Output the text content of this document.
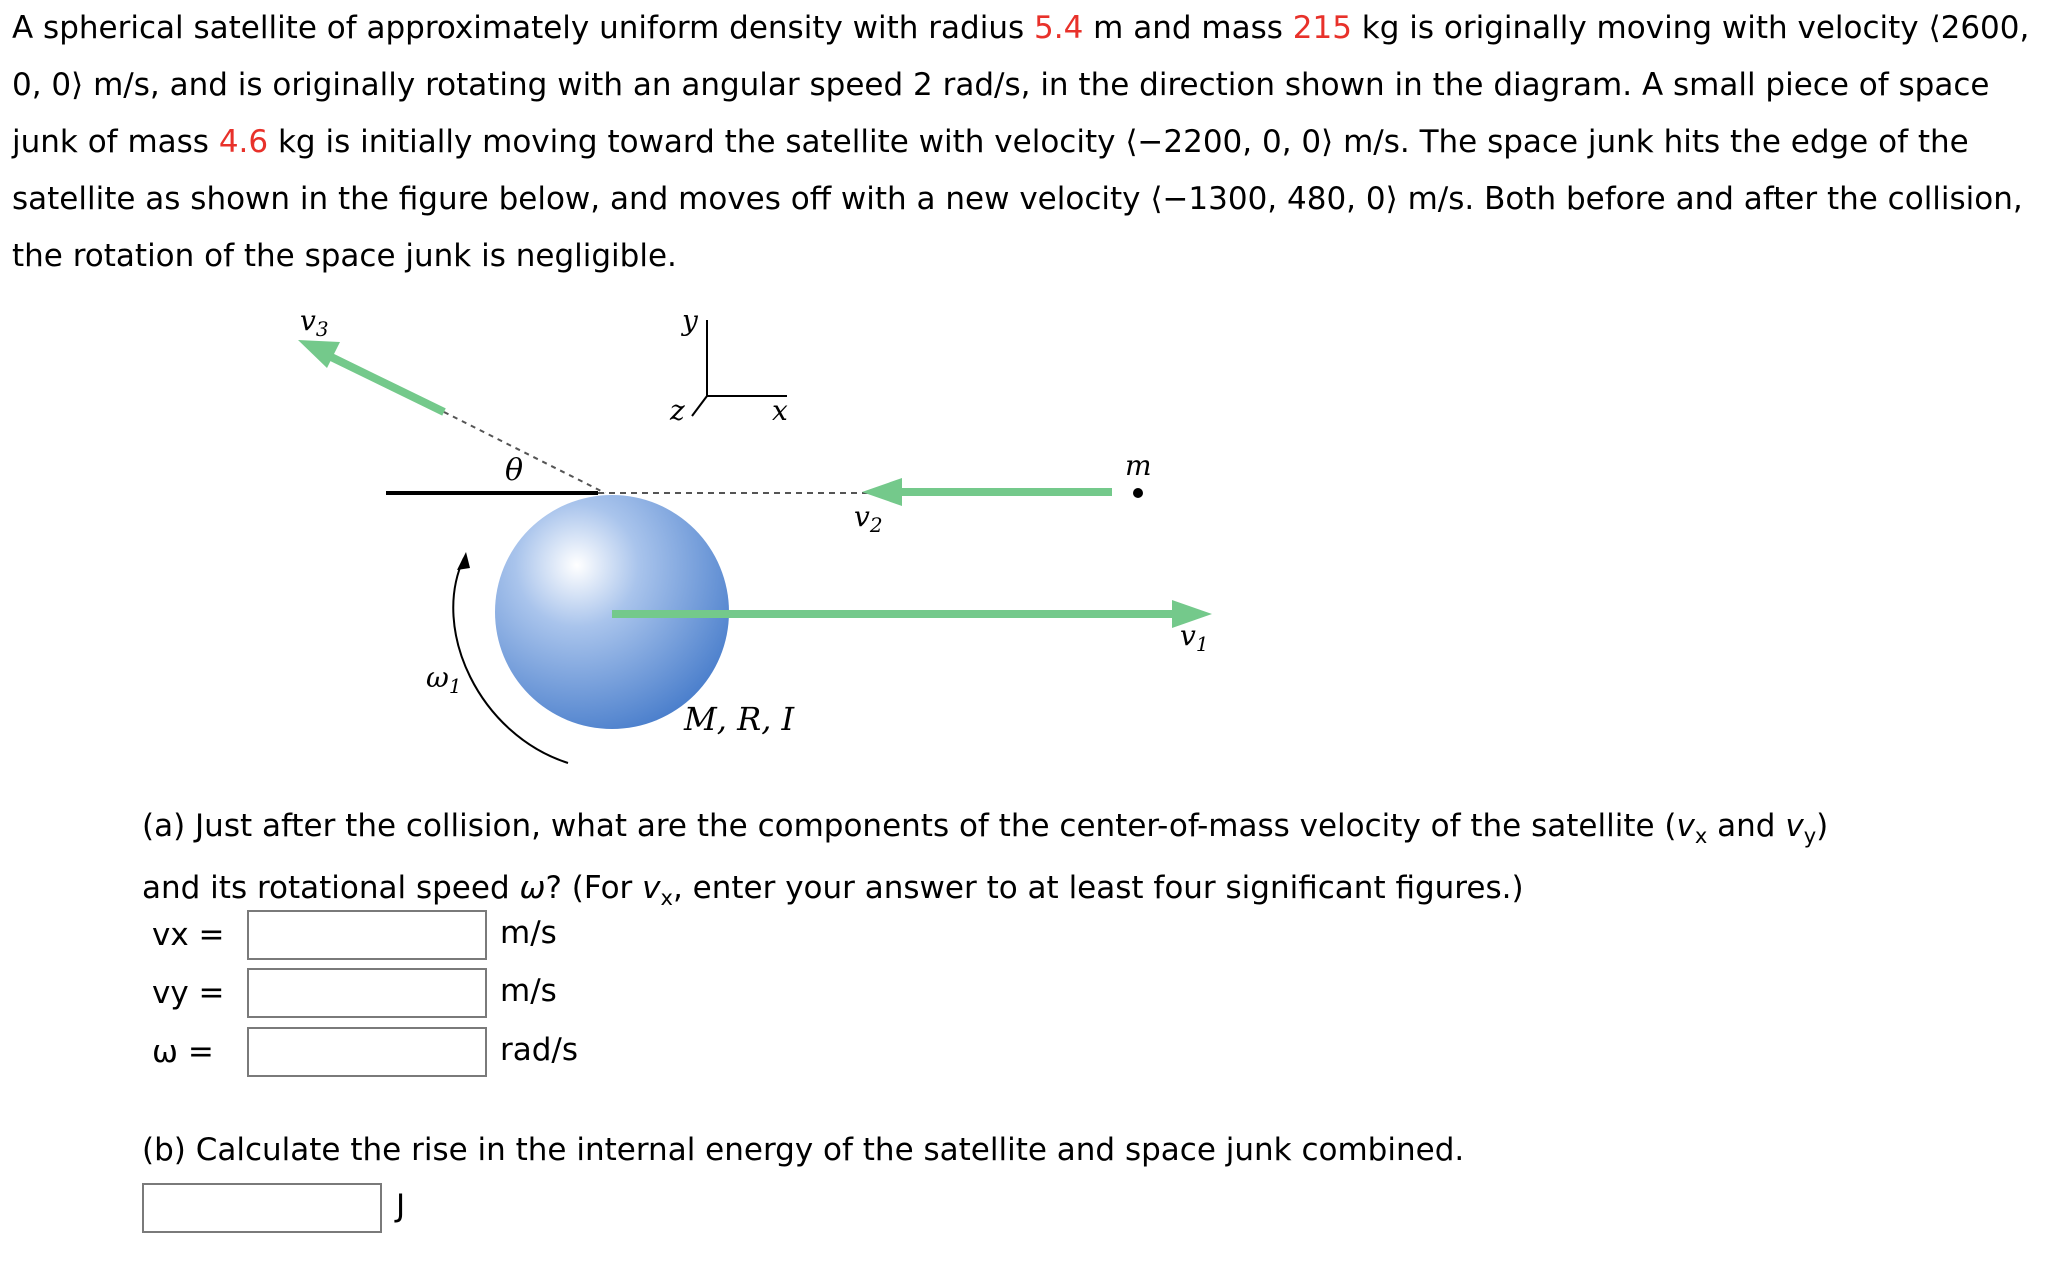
A spherical satellite of approximately uniform density with radius 5.4 m and mass 215 kg is originally moving with velocity ⟨2600, 0, 0⟩ m/s, and is originally rotating with an angular speed 2 rad/s, in the direction shown in the diagram. A small piece of space junk of mass 4.6 kg is initially moving toward the satellite with velocity ⟨−2200, 0, 0⟩ m/s. The space junk hits the edge of the satellite as shown in the figure below, and moves off with a new velocity ⟨−1300, 480, 0⟩ m/s. Both before and after the collision, the rotation of the space junk is negligible.
y
x
z
$v_3$
θ
$v_2$
m
$v_1$
$\omega_1$
M, R, I
(a) Just after the collision, what are the components of the center-of-mass velocity of the satellite ($v_x$ and $v_y$)
and its rotational speed ω? (For $v_x$, enter your answer to at least four significant figures.)
vx =	m/s
vy =	m/s
ω =	rad/s
(b) Calculate the rise in the internal energy of the satellite and space junk combined.
J
